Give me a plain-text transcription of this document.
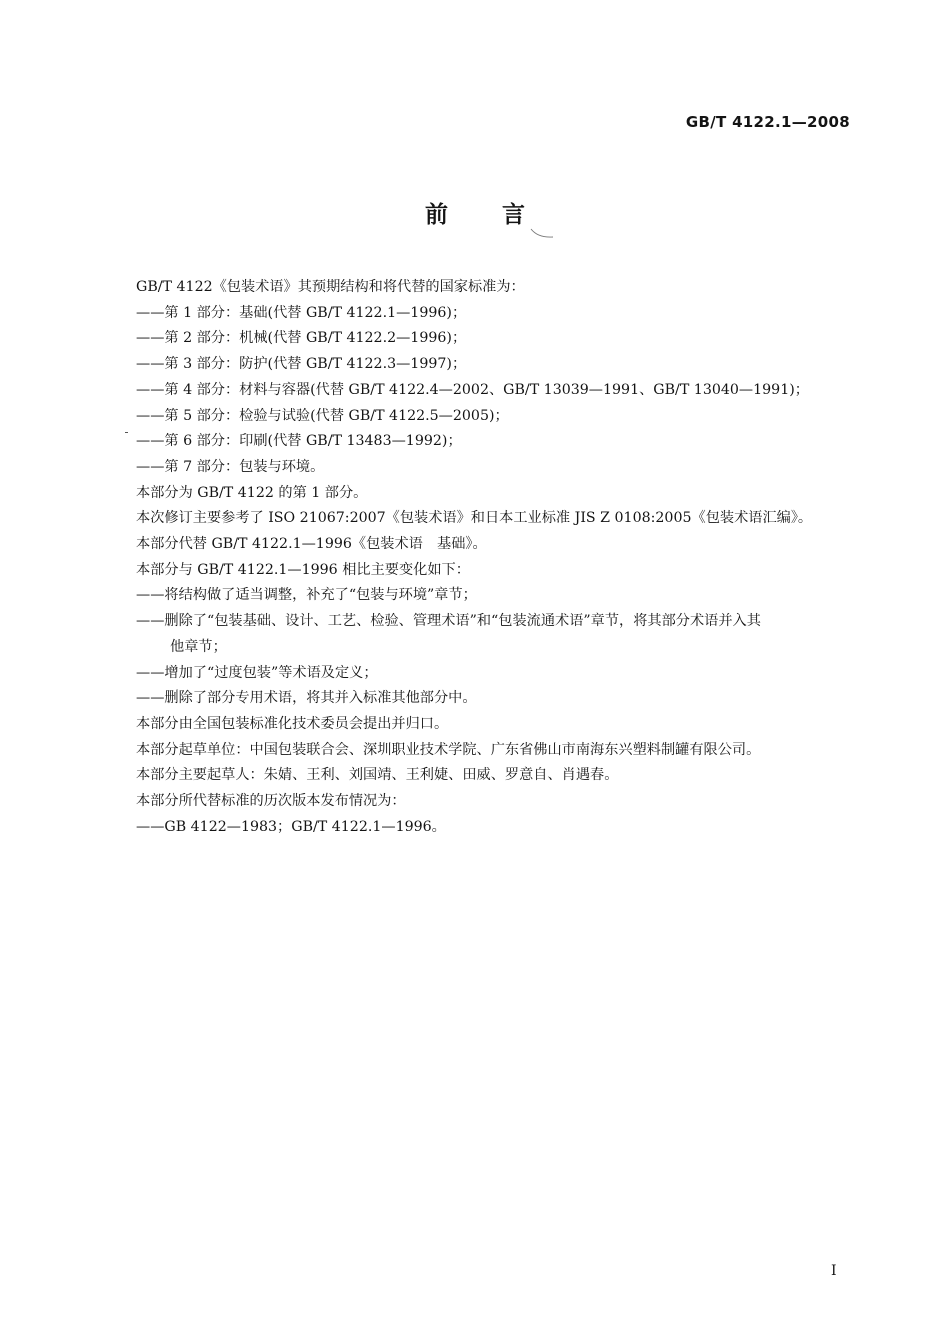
GB/T 4122.1—2008
前言
GB/T 4122《包装术语》其预期结构和将代替的国家标准为：
——第 1 部分：基础(代替 GB/T 4122.1—1996)；
——第 2 部分：机械(代替 GB/T 4122.2—1996)；
——第 3 部分：防护(代替 GB/T 4122.3—1997)；
——第 4 部分：材料与容器(代替 GB/T 4122.4—2002、GB/T 13039—1991、GB/T 13040—1991)；
——第 5 部分：检验与试验(代替 GB/T 4122.5—2005)；
——第 6 部分：印刷(代替 GB/T 13483—1992)；
——第 7 部分：包装与环境。
本部分为 GB/T 4122 的第 1 部分。
本次修订主要参考了 ISO 21067:2007《包装术语》和日本工业标准 JIS Z 0108:2005《包装术语汇编》。
本部分代替 GB/T 4122.1—1996《包装术语　基础》。
本部分与 GB/T 4122.1—1996 相比主要变化如下：
——将结构做了适当调整，补充了“包装与环境”章节；
——删除了“包装基础、设计、工艺、检验、管理术语”和“包装流通术语”章节，将其部分术语并入其
他章节；
——增加了“过度包装”等术语及定义；
——删除了部分专用术语，将其并入标准其他部分中。
本部分由全国包装标准化技术委员会提出并归口。
本部分起草单位：中国包装联合会、深圳职业技术学院、广东省佛山市南海东兴塑料制罐有限公司。
本部分主要起草人：朱婧、王利、刘国靖、王利婕、田威、罗意自、肖遇春。
本部分所代替标准的历次版本发布情况为：
——GB 4122—1983；GB/T 4122.1—1996。
I
